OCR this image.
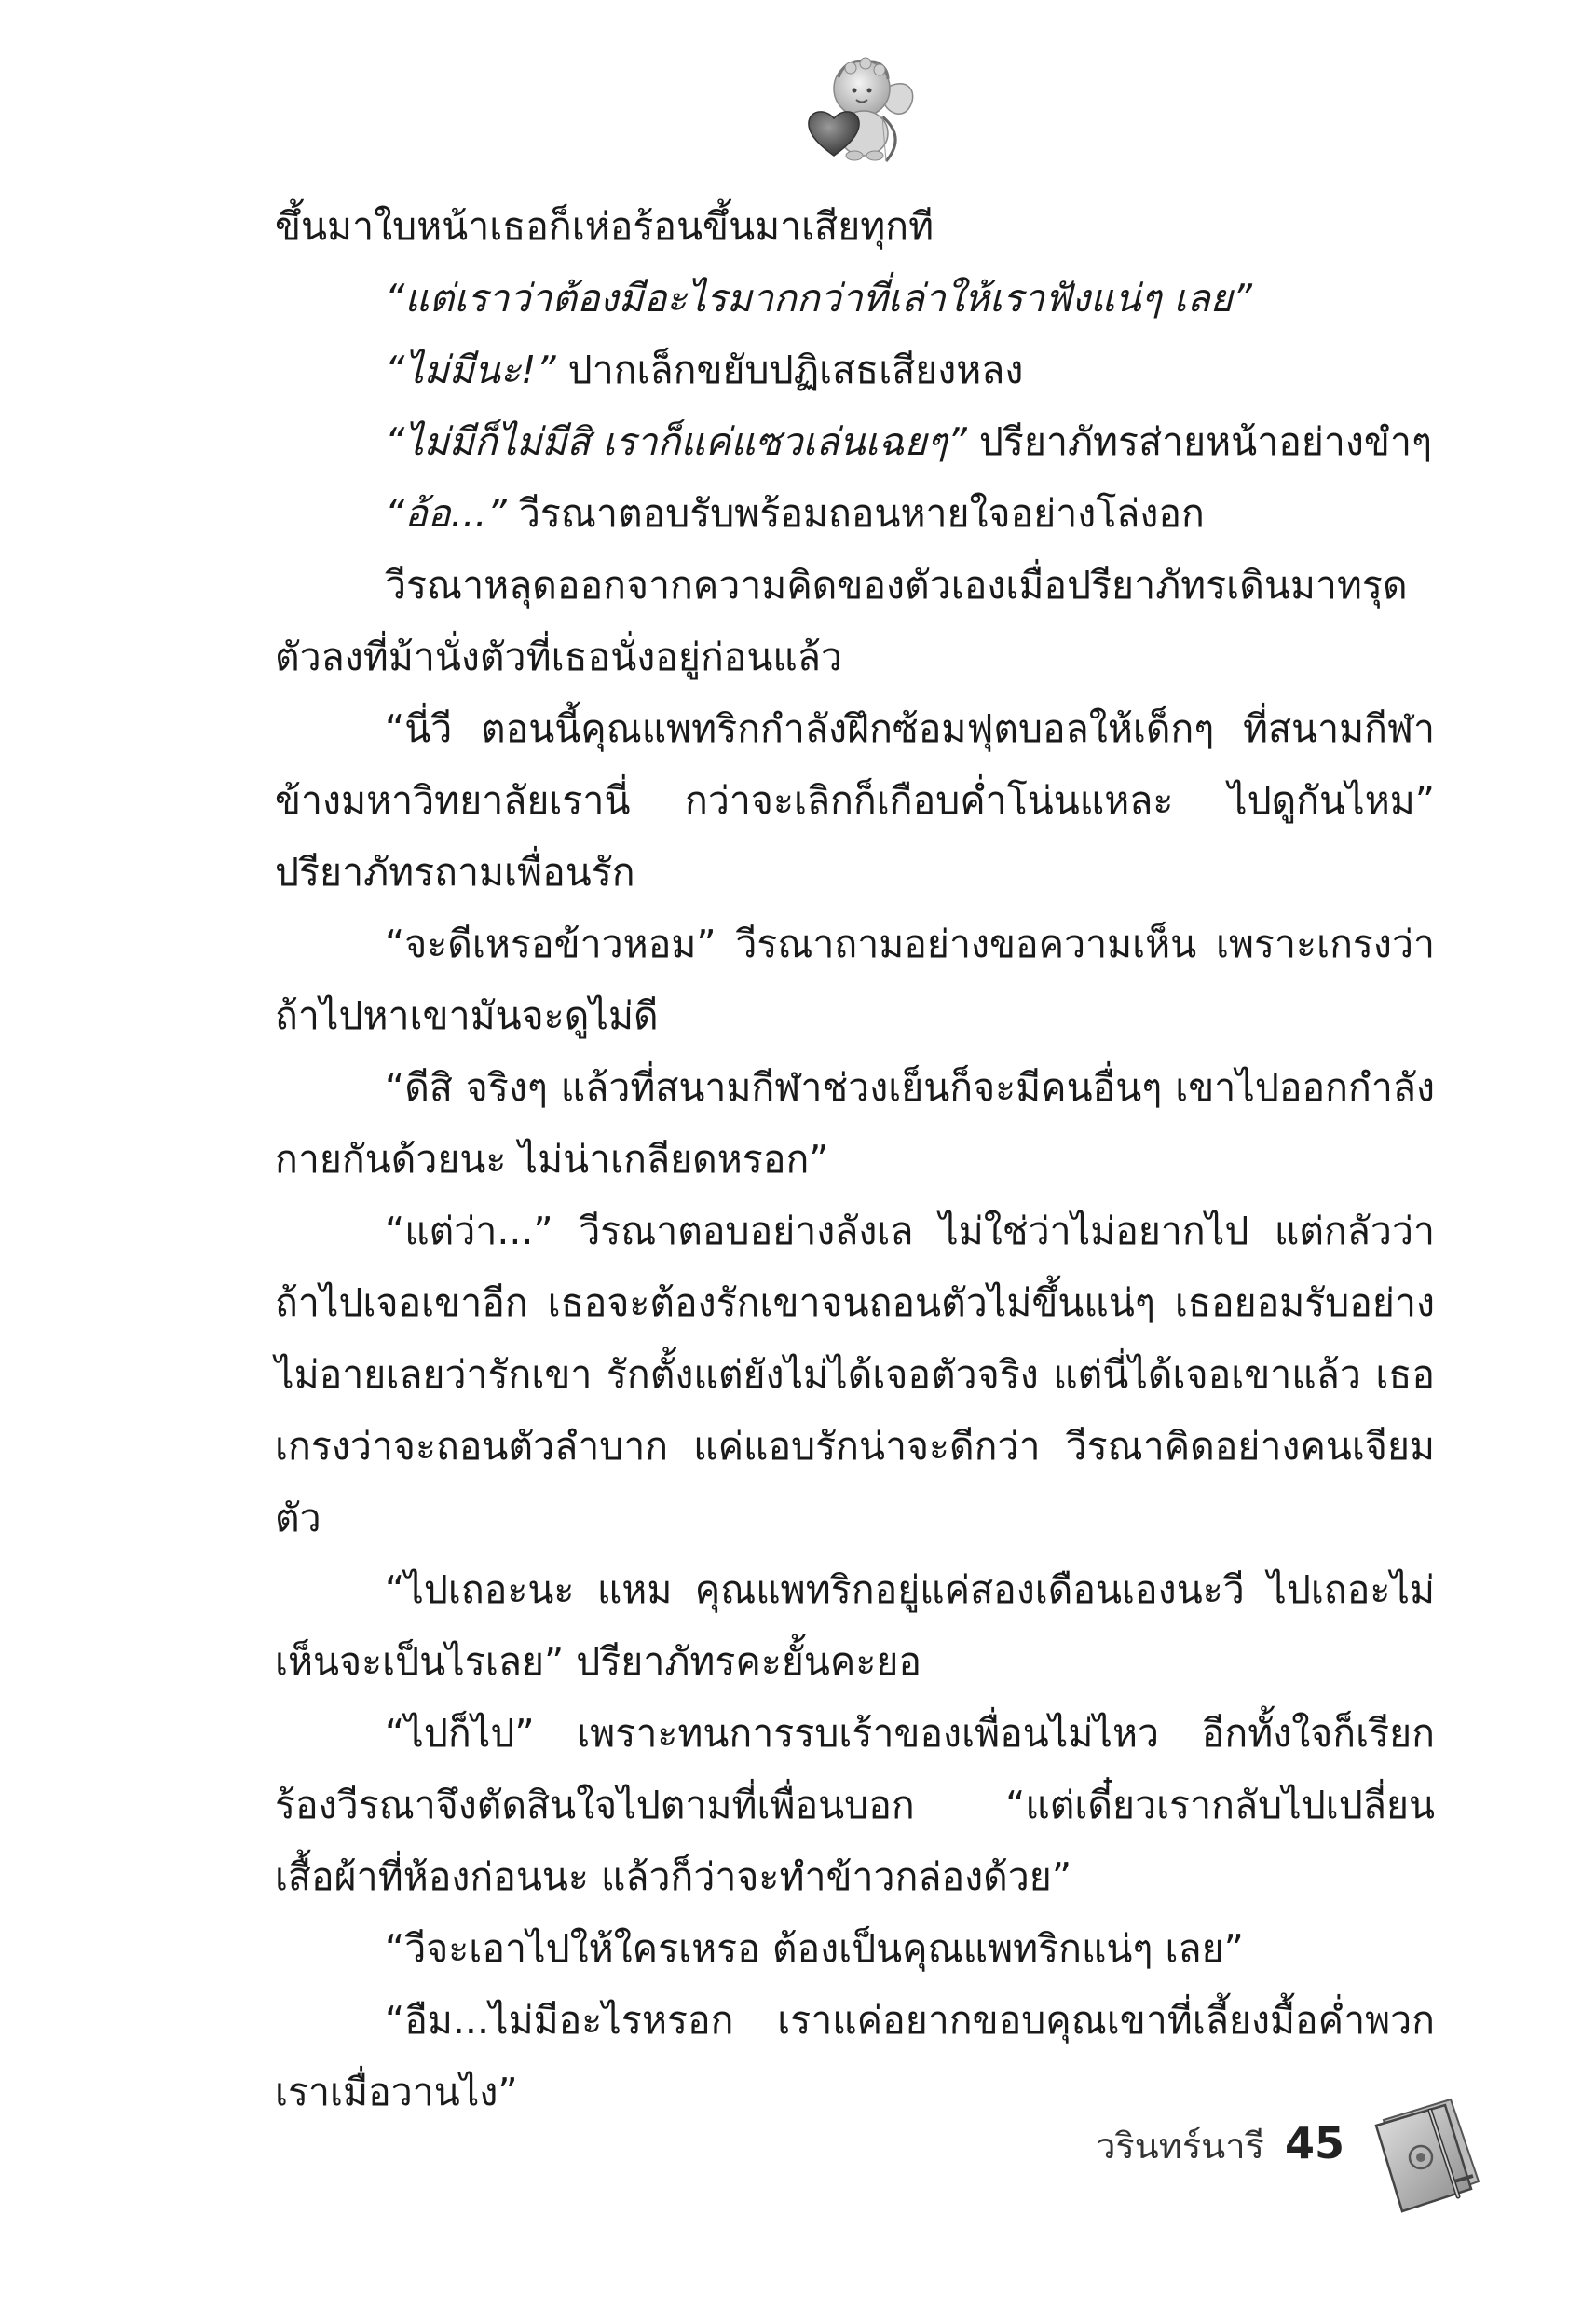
ขึ้นมาใบหน้าเธอก็เห่อร้อนขึ้นมาเสียทุกที

“แต่เราว่าต้องมีอะไรมากกว่าที่เล่าให้เราฟังแน่ๆ เลย”

“ไม่มีนะ!” ปากเล็กขยับปฏิเสธเสียงหลง

“ไม่มีก็ไม่มีสิ เราก็แค่แซวเล่นเฉยๆ” ปรียาภัทรส่ายหน้าอย่างขำๆ

“อ้อ...” วีรณาตอบรับพร้อมถอนหายใจอย่างโล่งอก

วีรณาหลุดออกจากความคิดของตัวเองเมื่อปรียาภัทรเดินมาทรุดตัวลงที่ม้านั่งตัวที่เธอนั่งอยู่ก่อนแล้ว

“นี่วี ตอนนี้คุณแพทริกกำลังฝึกซ้อมฟุตบอลให้เด็กๆ ที่สนามกีฬาข้างมหาวิทยาลัยเรานี่ กว่าจะเลิกก็เกือบค่ำโน่นแหละ ไปดูกันไหม” ปรียาภัทรถามเพื่อนรัก

“จะดีเหรอข้าวหอม” วีรณาถามอย่างขอความเห็น เพราะเกรงว่าถ้าไปหาเขามันจะดูไม่ดี

“ดีสิ จริงๆ แล้วที่สนามกีฬาช่วงเย็นก็จะมีคนอื่นๆ เขาไปออกกำลังกายกันด้วยนะ ไม่น่าเกลียดหรอก”

“แต่ว่า...” วีรณาตอบอย่างลังเล ไม่ใช่ว่าไม่อยากไป แต่กลัวว่าถ้าไปเจอเขาอีก เธอจะต้องรักเขาจนถอนตัวไม่ขึ้นแน่ๆ เธอยอมรับอย่างไม่อายเลยว่ารักเขา รักตั้งแต่ยังไม่ได้เจอตัวจริง แต่นี่ได้เจอเขาแล้ว เธอเกรงว่าจะถอนตัวลำบาก แค่แอบรักน่าจะดีกว่า วีรณาคิดอย่างคนเจียมตัว

“ไปเถอะนะ แหม คุณแพทริกอยู่แค่สองเดือนเองนะวี ไปเถอะไม่เห็นจะเป็นไรเลย” ปรียาภัทรคะยั้นคะยอ

“ไปก็ไป” เพราะทนการรบเร้าของเพื่อนไม่ไหว อีกทั้งใจก็เรียกร้องวีรณาจึงตัดสินใจไปตามที่เพื่อนบอก “แต่เดี๋ยวเรากลับไปเปลี่ยนเสื้อผ้าที่ห้องก่อนนะ แล้วก็ว่าจะทำข้าวกล่องด้วย”

“วีจะเอาไปให้ใครเหรอ ต้องเป็นคุณแพทริกแน่ๆ เลย”

“อืม...ไม่มีอะไรหรอก เราแค่อยากขอบคุณเขาที่เลี้ยงมื้อค่ำพวกเราเมื่อวานไง”

วรินทร์นารี 45
